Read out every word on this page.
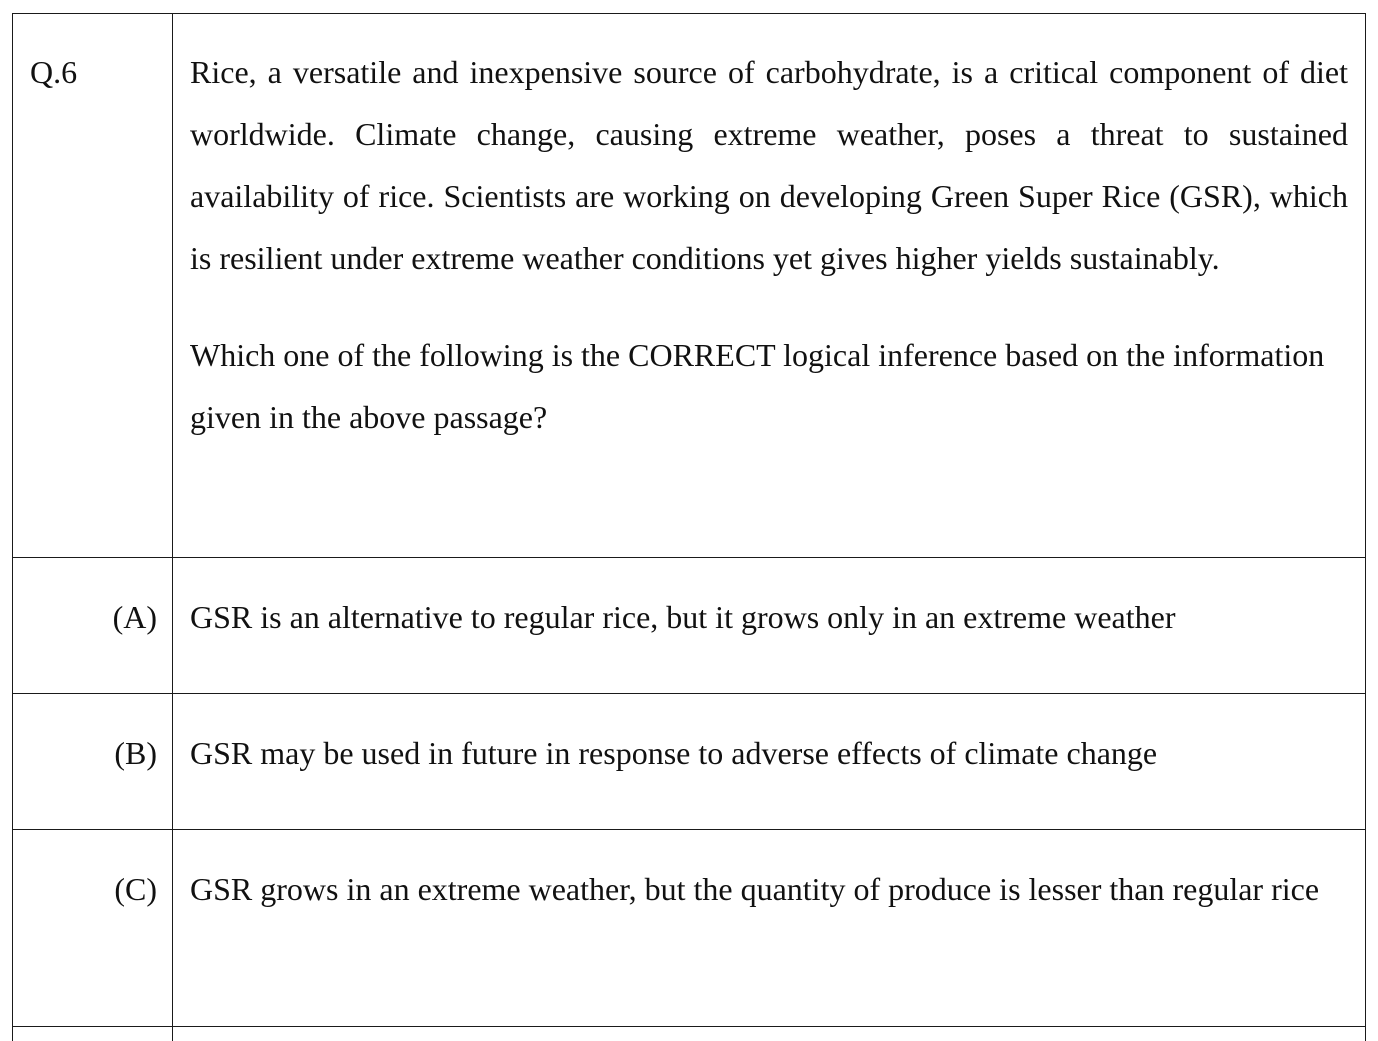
Q.6	Rice, a versatile and inexpensive source of carbohydrate, is a critical component of diet worldwide. Climate change, causing extreme weather, poses a threat to sustained availability of rice. Scientists are working on developing Green Super Rice (GSR), which is resilient under extreme weather conditions yet gives higher yields sustainably.

Which one of the following is the CORRECT logical inference based on the information given in the above passage?

(A)	GSR is an alternative to regular rice, but it grows only in an extreme weather

(B)	GSR may be used in future in response to adverse effects of climate change

(C)	GSR grows in an extreme weather, but the quantity of produce is lesser than regular rice
